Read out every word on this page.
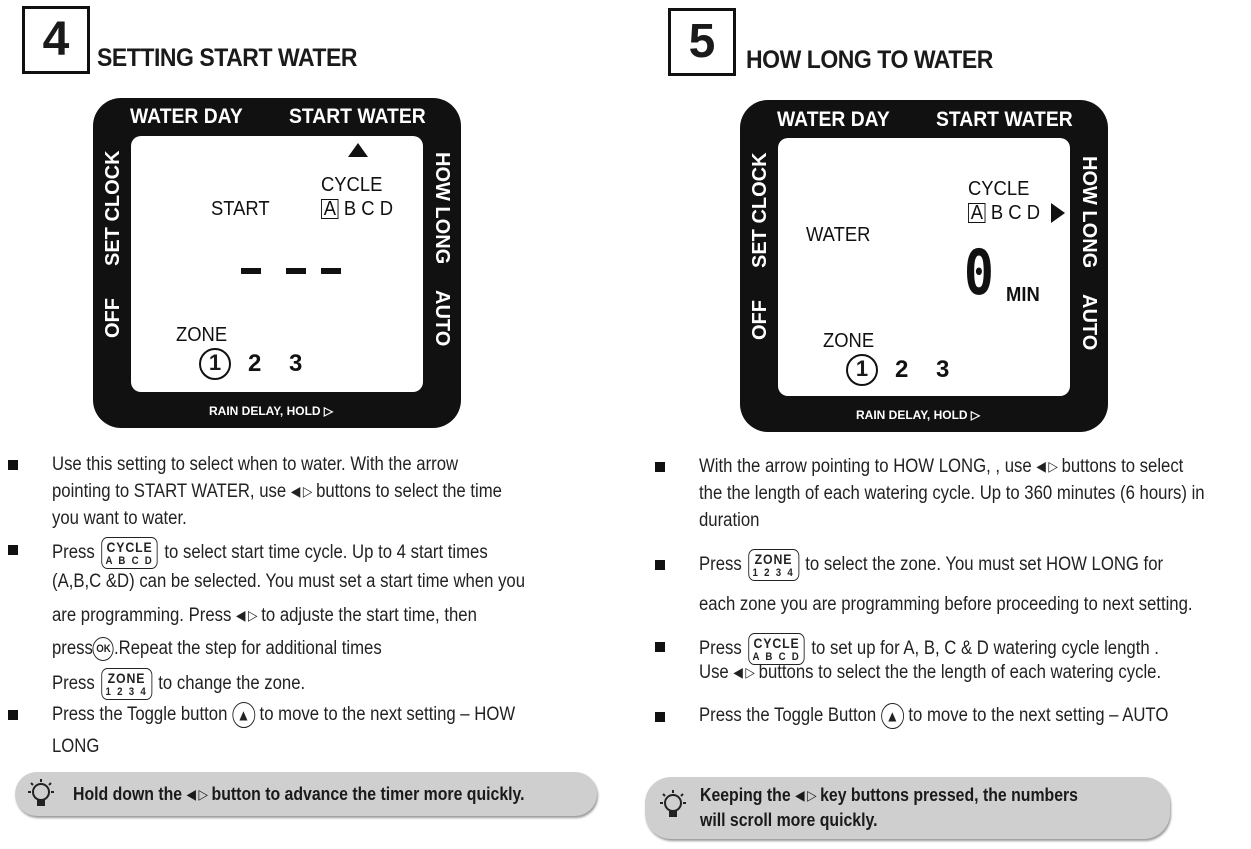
4	SETTING START WATER
WATER DAY START WATER
SET CLOCK
OFF
HOW LONG
AUTO
RAIN DELAY, HOLD ▷
START
CYCLE
A B C D
ZONE
1	2 3
Use this setting to select when to water. With the arrow
pointing to START WATER, use ◀ ▷ buttons to select the time
you want to water.
Press CYCLE
A B C D to select start time cycle. Up to 4 start times
(A,B,C &D) can be selected. You must set a start time when you
are programming. Press ◀ ▷ to adjuste the start time, then
press OK .Repeat the step for additional times
Press ZONE
1 2 3 4 to change the zone.
Press the Toggle button ▲ to move to the next setting – HOW
LONG
Hold down the ◀ ▷ button to advance the timer more quickly.
5	HOW LONG TO WATER
WATER DAY START WATER
SET CLOCK
OFF
HOW LONG
AUTO
RAIN DELAY, HOLD ▷
WATER
CYCLE
A B C D
0 MIN
ZONE
1	2 3
With the arrow pointing to HOW LONG, , use ◀ ▷ buttons to select
the the length of each watering cycle. Up to 360 minutes (6 hours) in
duration
Press ZONE
1 2 3 4 to select the zone. You must set HOW LONG for
each zone you are programming before proceeding to next setting.
Press CYCLE
A B C D to set up for A, B, C & D watering cycle length .
Use ◀ ▷ buttons to select the the length of each watering cycle.
Press the Toggle Button ▲ to move to the next setting – AUTO
Keeping the ◀ ▷ key buttons pressed, the numbers
will scroll more quickly.
